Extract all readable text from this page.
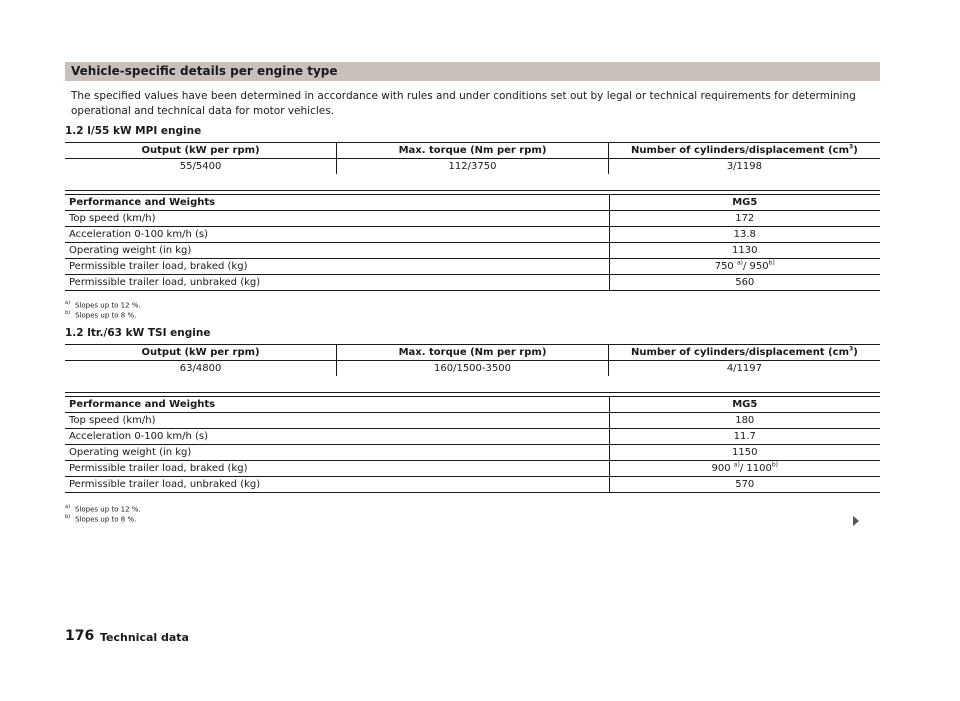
Vehicle-specific details per engine type
The specified values have been determined in accordance with rules and under conditions set out by legal or technical requirements for determining operational and technical data for motor vehicles.
1.2 l/55 kW MPI engine
Output (kW per rpm)	Max. torque (Nm per rpm)	Number of cylinders/displacement $(cm^3)$
55/5400	112/3750	3/1198

Performance and Weights	MG5
Top speed (km/h)	172
Acceleration 0-100 km/h (s)	13.8
Operating weight (in kg)	1130
Permissible trailer load, braked (kg)	750 $^{a)}$/ 950$^{b)}$
Permissible trailer load, unbraked (kg)	560
$^{a)}$ Slopes up to 12 %.
$^{b)}$ Slopes up to 8 %.
1.2 ltr./63 kW TSI engine
Output (kW per rpm)	Max. torque (Nm per rpm)	Number of cylinders/displacement $(cm^3)$
63/4800	160/1500-3500	4/1197

Performance and Weights	MG5
Top speed (km/h)	180
Acceleration 0-100 km/h (s)	11.7
Operating weight (in kg)	1150
Permissible trailer load, braked (kg)	900 $^{a)}$/ 1100$^{b)}$
Permissible trailer load, unbraked (kg)	570
$^{a)}$ Slopes up to 12 %.
$^{b)}$ Slopes up to 8 %.
176 Technical data
